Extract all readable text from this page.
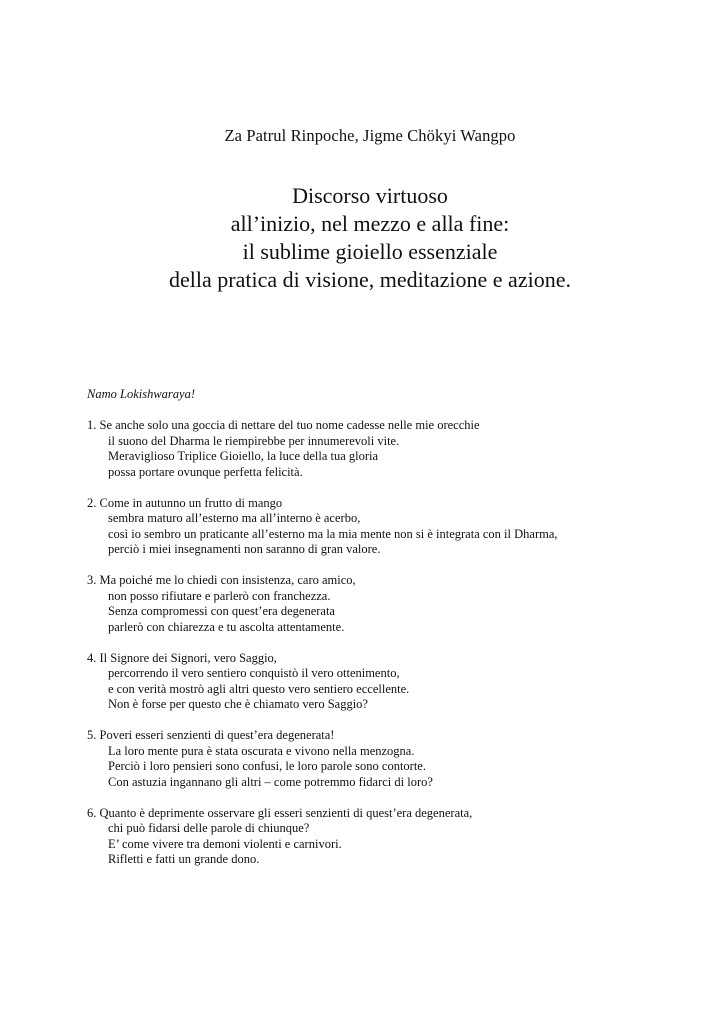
Za Patrul Rinpoche, Jigme Chökyi Wangpo
Discorso virtuoso
all’inizio, nel mezzo e alla fine:
il sublime gioiello essenziale
della pratica di visione, meditazione e azione.
Namo Lokishwaraya!
1. Se anche solo una goccia di nettare del tuo nome cadesse nelle mie orecchie
il suono del Dharma le riempirebbe per innumerevoli vite.
Meraviglioso Triplice Gioiello, la luce della tua gloria
possa portare ovunque perfetta felicità.
2. Come in autunno un frutto di mango
sembra maturo all’esterno ma all’interno è acerbo,
così io sembro un praticante all’esterno ma la mia mente non si è integrata con il Dharma,
perciò i miei insegnamenti non saranno di gran valore.
3. Ma poiché me lo chiedi con insistenza, caro amico,
non posso rifiutare e parlerò con franchezza.
Senza compromessi con quest’era degenerata
parlerò con chiarezza e tu ascolta attentamente.
4. Il Signore dei Signori, vero Saggio,
percorrendo il vero sentiero conquistò il vero ottenimento,
e con verità mostrò agli altri questo vero sentiero eccellente.
Non è forse per questo che è chiamato vero Saggio?
5. Poveri esseri senzienti di quest’era degenerata!
La loro mente pura è stata oscurata e vivono nella menzogna.
Perciò i loro pensieri sono confusi, le loro parole sono contorte.
Con astuzia ingannano gli altri – come potremmo fidarci di loro?
6. Quanto è deprimente osservare gli esseri senzienti di quest’era degenerata,
chi può fidarsi delle parole di chiunque?
E’ come vivere tra demoni violenti e carnivori.
Rifletti e fatti un grande dono.
